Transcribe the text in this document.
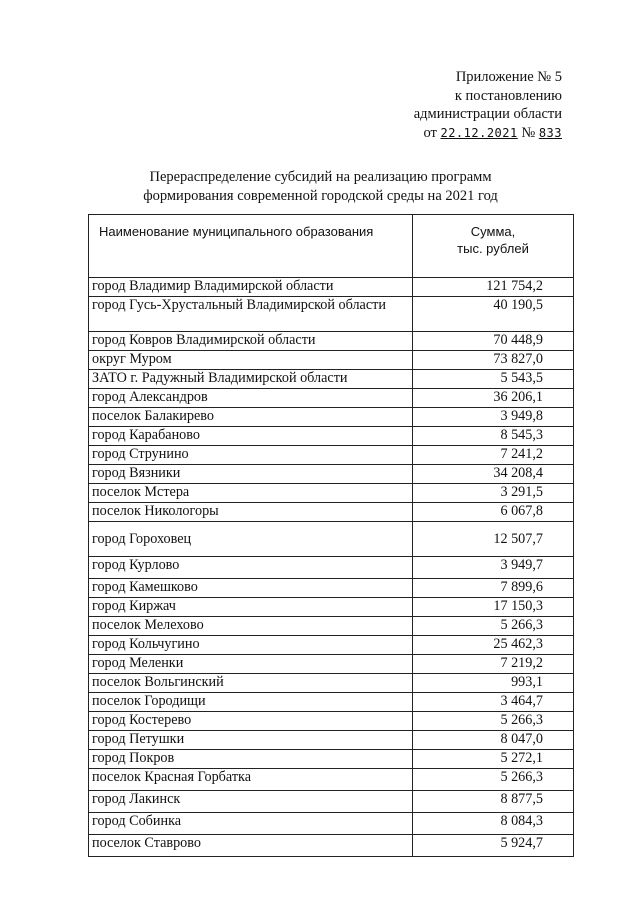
Приложение № 5
к постановлению
администрации области
от 22.12.2021 № 833
Перераспределение субсидий на реализацию программ
формирования современной городской среды на 2021 год
Наименование муниципального образования	Сумма,
тыс. рублей

город Владимир Владимирской области	121 754,2
город Гусь-Хрустальный Владимирской области	40 190,5
город Ковров Владимирской области	70 448,9
округ Муром	73 827,0
ЗАТО г. Радужный Владимирской области	5 543,5
город Александров	36 206,1
поселок Балакирево	3 949,8
город Карабаново	8 545,3
город Струнино	7 241,2
город Вязники	34 208,4
поселок Мстера	3 291,5
поселок Никологоры	6 067,8
город Гороховец	12 507,7
город Курлово	3 949,7
город Камешково	7 899,6
город Киржач	17 150,3
поселок Мелехово	5 266,3
город Кольчугино	25 462,3
город Меленки	7 219,2
поселок Вольгинский	993,1
поселок Городищи	3 464,7
город Костерево	5 266,3
город Петушки	8 047,0
город Покров	5 272,1
поселок Красная Горбатка	5 266,3
город Лакинск	8 877,5
город Собинка	8 084,3
поселок Ставрово	5 924,7
